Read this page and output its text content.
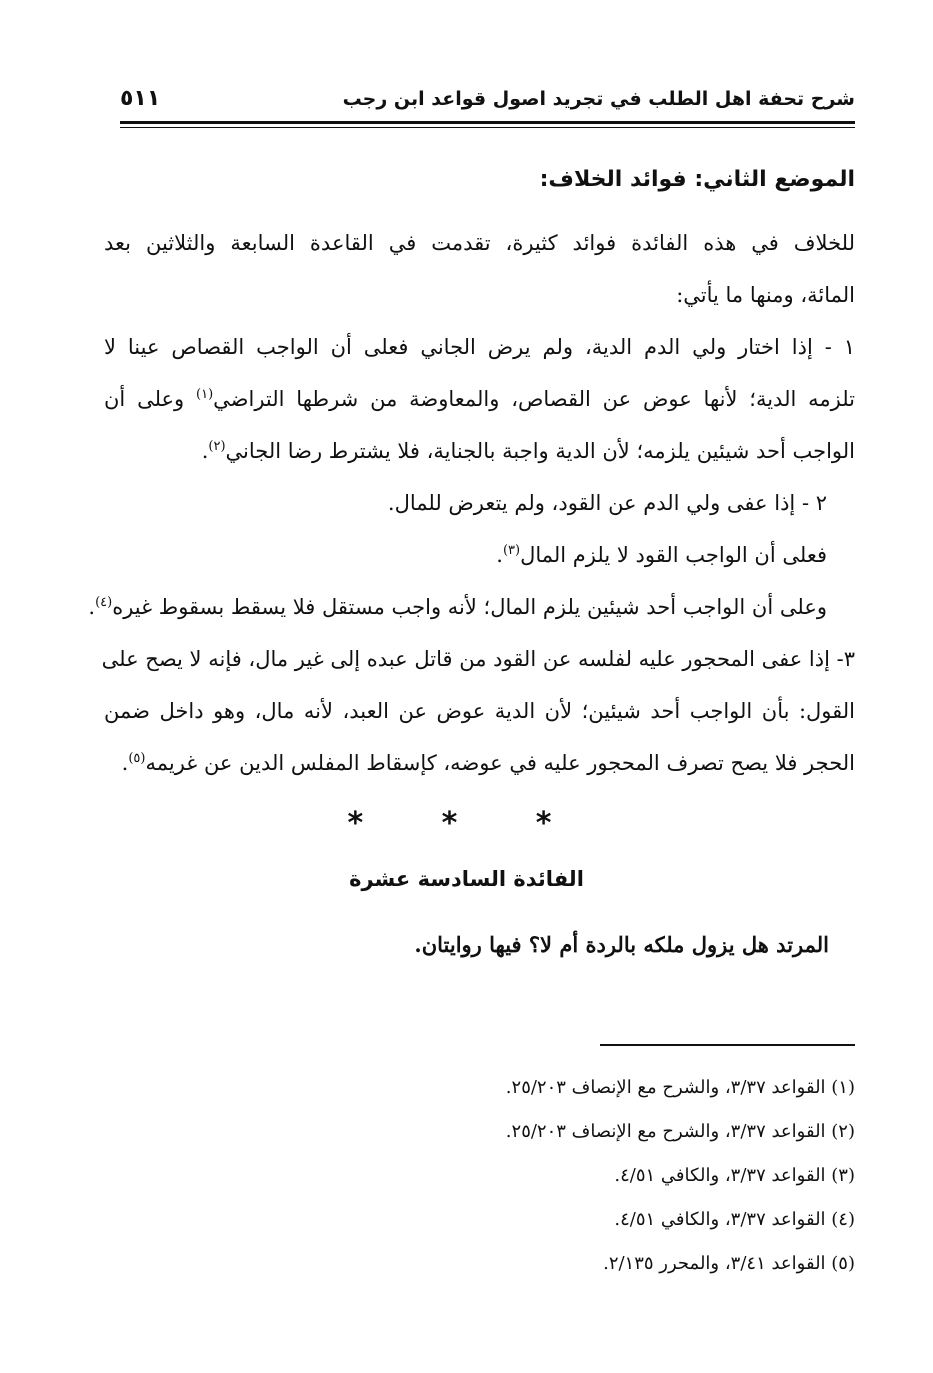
شرح تحفة اهل الطلب في تجريد اصول قواعد ابن رجب
٥١١
الموضع الثاني: فوائد الخلاف:
للخلاف في هذه الفائدة فوائد كثيرة، تقدمت في القاعدة السابعة والثلاثين بعد
المائة، ومنها ما يأتي:
١ - إذا اختار ولي الدم الدية، ولم يرض الجاني فعلى أن الواجب القصاص عينا لا
تلزمه الدية؛ لأنها عوض عن القصاص، والمعاوضة من شرطها التراضي$^{(١)}$ وعلى أن
الواجب أحد شيئين يلزمه؛ لأن الدية واجبة بالجناية، فلا يشترط رضا الجاني$^{(٢)}$.
٢ - إذا عفى ولي الدم عن القود، ولم يتعرض للمال.
فعلى أن الواجب القود لا يلزم المال$^{(٣)}$.
وعلى أن الواجب أحد شيئين يلزم المال؛ لأنه واجب مستقل فلا يسقط بسقوط غيره$^{(٤)}$.
٣- إذا عفى المحجور عليه لفلسه عن القود من قاتل عبده إلى غير مال، فإنه لا يصح على
القول: بأن الواجب أحد شيئين؛ لأن الدية عوض عن العبد، لأنه مال، وهو داخل ضمن
الحجر فلا يصح تصرف المحجور عليه في عوضه، كإسقاط المفلس الدين عن غريمه$^{(٥)}$.
* * *
الفائدة السادسة عشرة
المرتد هل يزول ملكه بالردة أم لا؟ فيها روايتان.
(١) القواعد ٣/٣٧، والشرح مع الإنصاف ٢٥/٢٠٣.
(٢) القواعد ٣/٣٧، والشرح مع الإنصاف ٢٥/٢٠٣.
(٣) القواعد ٣/٣٧، والكافي ٤/٥١.
(٤) القواعد ٣/٣٧، والكافي ٤/٥١.
(٥) القواعد ٣/٤١، والمحرر ٢/١٣٥.
